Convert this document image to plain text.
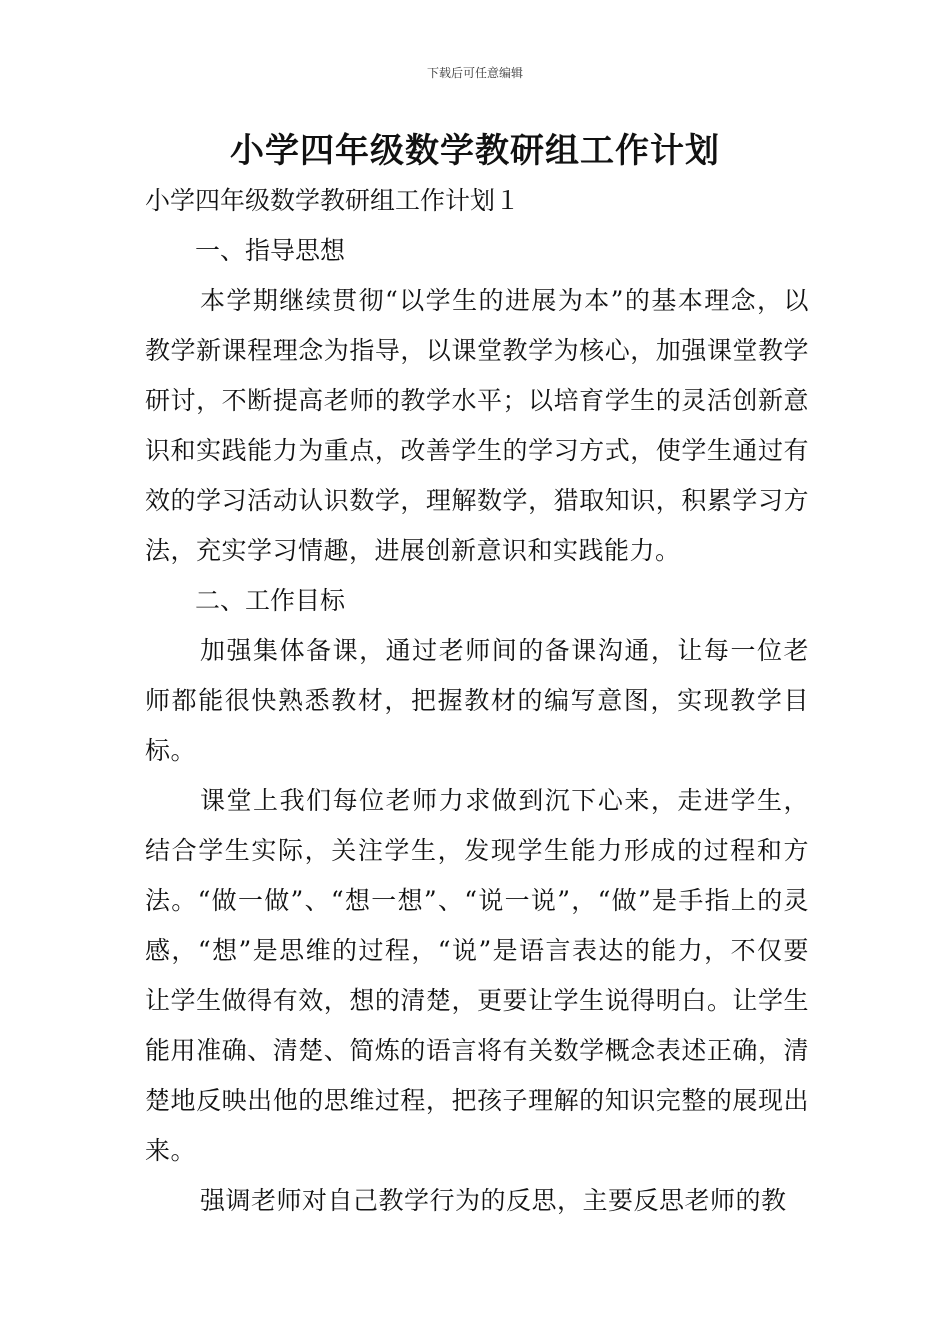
下载后可任意编辑
小学四年级数学教研组工作计划

小学四年级数学教研组工作计划１

一、指导思想

本学期继续贯彻“以学生的进展为本”的基本理念，以教学新课程理念为指导，以课堂教学为核心，加强课堂教学研讨，不断提高老师的教学水平；以培育学生的灵活创新意识和实践能力为重点，改善学生的学习方式，使学生通过有效的学习活动认识数学，理解数学，猎取知识，积累学习方法，充实学习情趣，进展创新意识和实践能力。

二、工作目标

加强集体备课，通过老师间的备课沟通，让每一位老师都能很快熟悉教材，把握教材的编写意图，实现教学目标。

课堂上我们每位老师力求做到沉下心来，走进学生，结合学生实际，关注学生，发现学生能力形成的过程和方法。“做一做”、“想一想”、“说一说”，“做”是手指上的灵感，“想”是思维的过程，“说”是语言表达的能力，不仅要让学生做得有效，想的清楚，更要让学生说得明白。让学生能用准确、清楚、简炼的语言将有关数学概念表述正确，清楚地反映出他的思维过程，把孩子理解的知识完整的展现出来。

强调老师对自己教学行为的反思，主要反思老师的教
